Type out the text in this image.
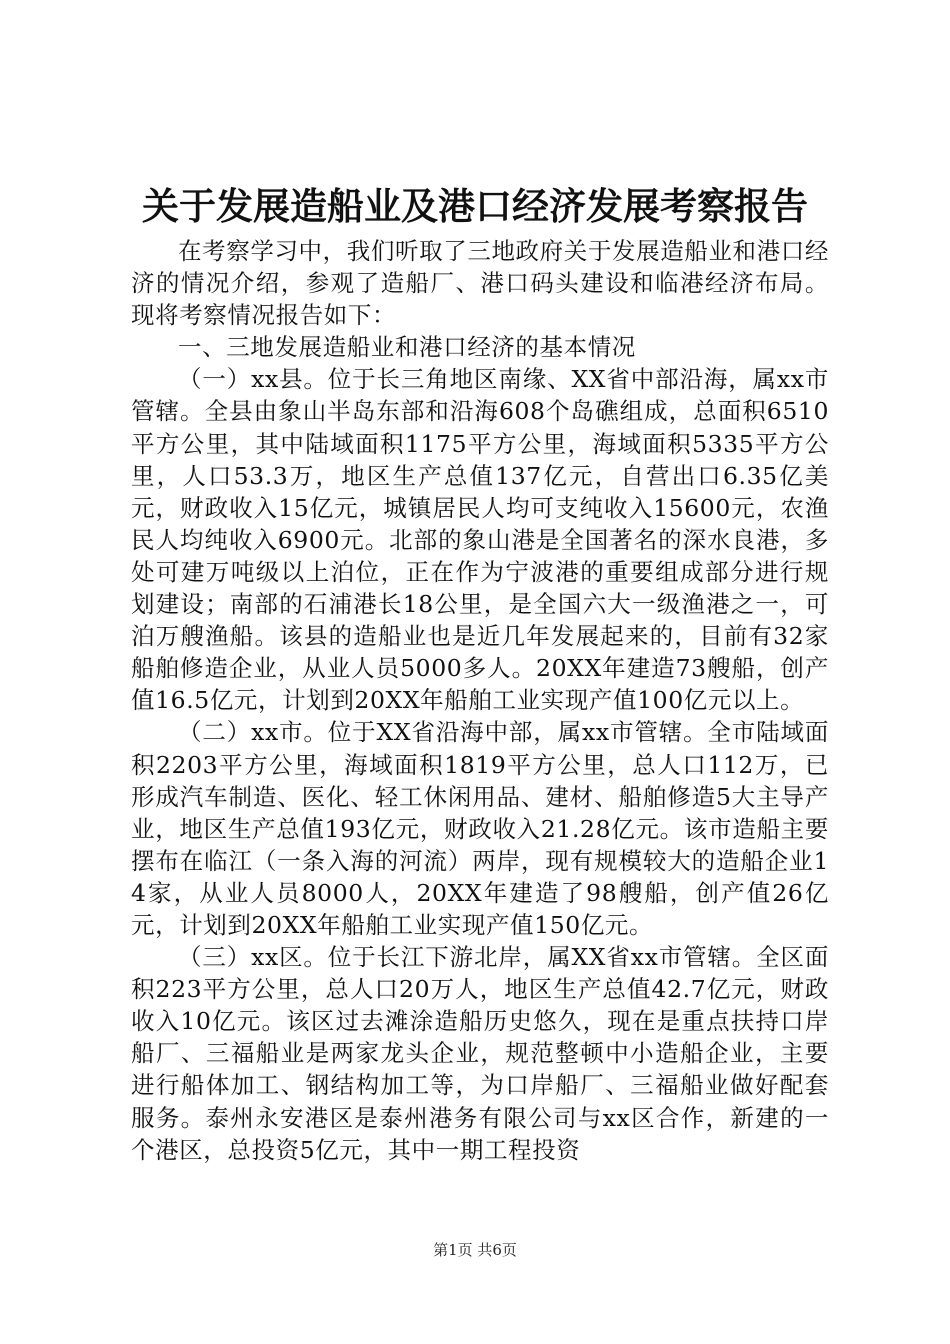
关于发展造船业及港口经济发展考察报告

在考察学习中，我们听取了三地政府关于发展造船业和港口经济的情况介绍，参观了造船厂、港口码头建设和临港经济布局。现将考察情况报告如下：

一、三地发展造船业和港口经济的基本情况

（一）xx县。位于长三角地区南缘、XX省中部沿海，属xx市管辖。全县由象山半岛东部和沿海608个岛礁组成，总面积6510平方公里，其中陆域面积1175平方公里，海域面积5335平方公里，人口53.3万，地区生产总值137亿元，自营出口6.35亿美元，财政收入15亿元，城镇居民人均可支纯收入15600元，农渔民人均纯收入6900元。北部的象山港是全国著名的深水良港，多处可建万吨级以上泊位，正在作为宁波港的重要组成部分进行规划建设；南部的石浦港长18公里，是全国六大一级渔港之一，可泊万艘渔船。该县的造船业也是近几年发展起来的，目前有32家船舶修造企业，从业人员5000多人。20XX年建造73艘船，创产值16.5亿元，计划到20XX年船舶工业实现产值100亿元以上。

（二）xx市。位于XX省沿海中部，属xx市管辖。全市陆域面积2203平方公里，海域面积1819平方公里，总人口112万，已形成汽车制造、医化、轻工休闲用品、建材、船舶修造5大主导产业，地区生产总值193亿元，财政收入21.28亿元。该市造船主要摆布在临江（一条入海的河流）两岸，现有规模较大的造船企业14家，从业人员8000人，20XX年建造了98艘船，创产值26亿元，计划到20XX年船舶工业实现产值150亿元。

（三）xx区。位于长江下游北岸，属XX省xx市管辖。全区面积223平方公里，总人口20万人，地区生产总值42.7亿元，财政收入10亿元。该区过去滩涂造船历史悠久，现在是重点扶持口岸船厂、三福船业是两家龙头企业，规范整顿中小造船企业，主要进行船体加工、钢结构加工等，为口岸船厂、三福船业做好配套服务。泰州永安港区是泰州港务有限公司与xx区合作，新建的一个港区，总投资5亿元，其中一期工程投资

第1页 共6页
